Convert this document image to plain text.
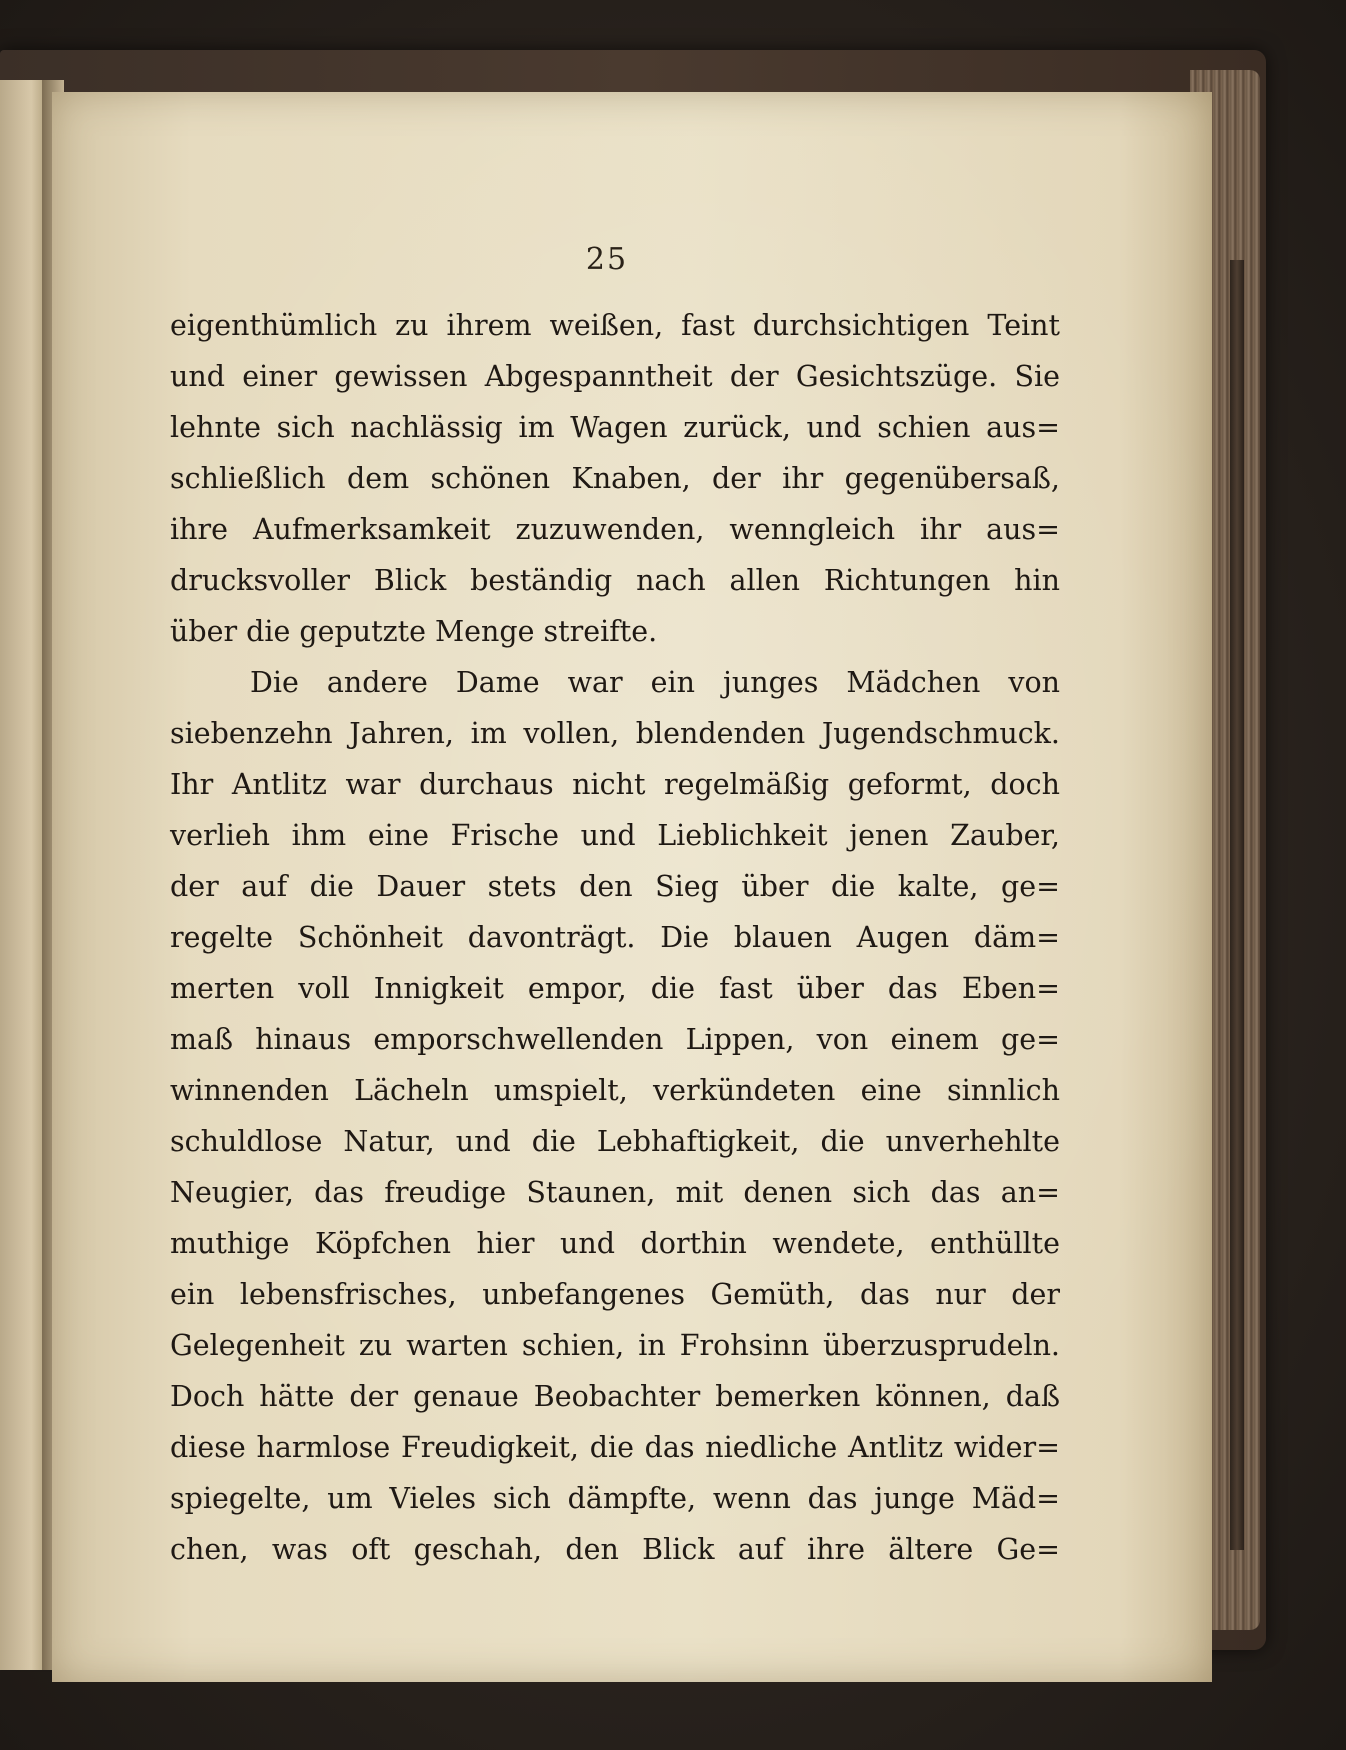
25
eigenthümlich zu ihrem weißen, fast durchsichtigen Teint
und einer gewissen Abgespanntheit der Gesichtszüge. Sie
lehnte sich nachlässig im Wagen zurück, und schien aus=
schließlich dem schönen Knaben, der ihr gegenübersaß,
ihre Aufmerksamkeit zuzuwenden, wenngleich ihr aus=
drucksvoller Blick beständig nach allen Richtungen hin
über die geputzte Menge streifte.
Die andere Dame war ein junges Mädchen von
siebenzehn Jahren, im vollen, blendenden Jugendschmuck.
Ihr Antlitz war durchaus nicht regelmäßig geformt, doch
verlieh ihm eine Frische und Lieblichkeit jenen Zauber,
der auf die Dauer stets den Sieg über die kalte, ge=
regelte Schönheit davonträgt. Die blauen Augen däm=
merten voll Innigkeit empor, die fast über das Eben=
maß hinaus emporschwellenden Lippen, von einem ge=
winnenden Lächeln umspielt, verkündeten eine sinnlich
schuldlose Natur, und die Lebhaftigkeit, die unverhehlte
Neugier, das freudige Staunen, mit denen sich das an=
muthige Köpfchen hier und dorthin wendete, enthüllte
ein lebensfrisches, unbefangenes Gemüth, das nur der
Gelegenheit zu warten schien, in Frohsinn überzusprudeln.
Doch hätte der genaue Beobachter bemerken können, daß
diese harmlose Freudigkeit, die das niedliche Antlitz wider=
spiegelte, um Vieles sich dämpfte, wenn das junge Mäd=
chen, was oft geschah, den Blick auf ihre ältere Ge=
